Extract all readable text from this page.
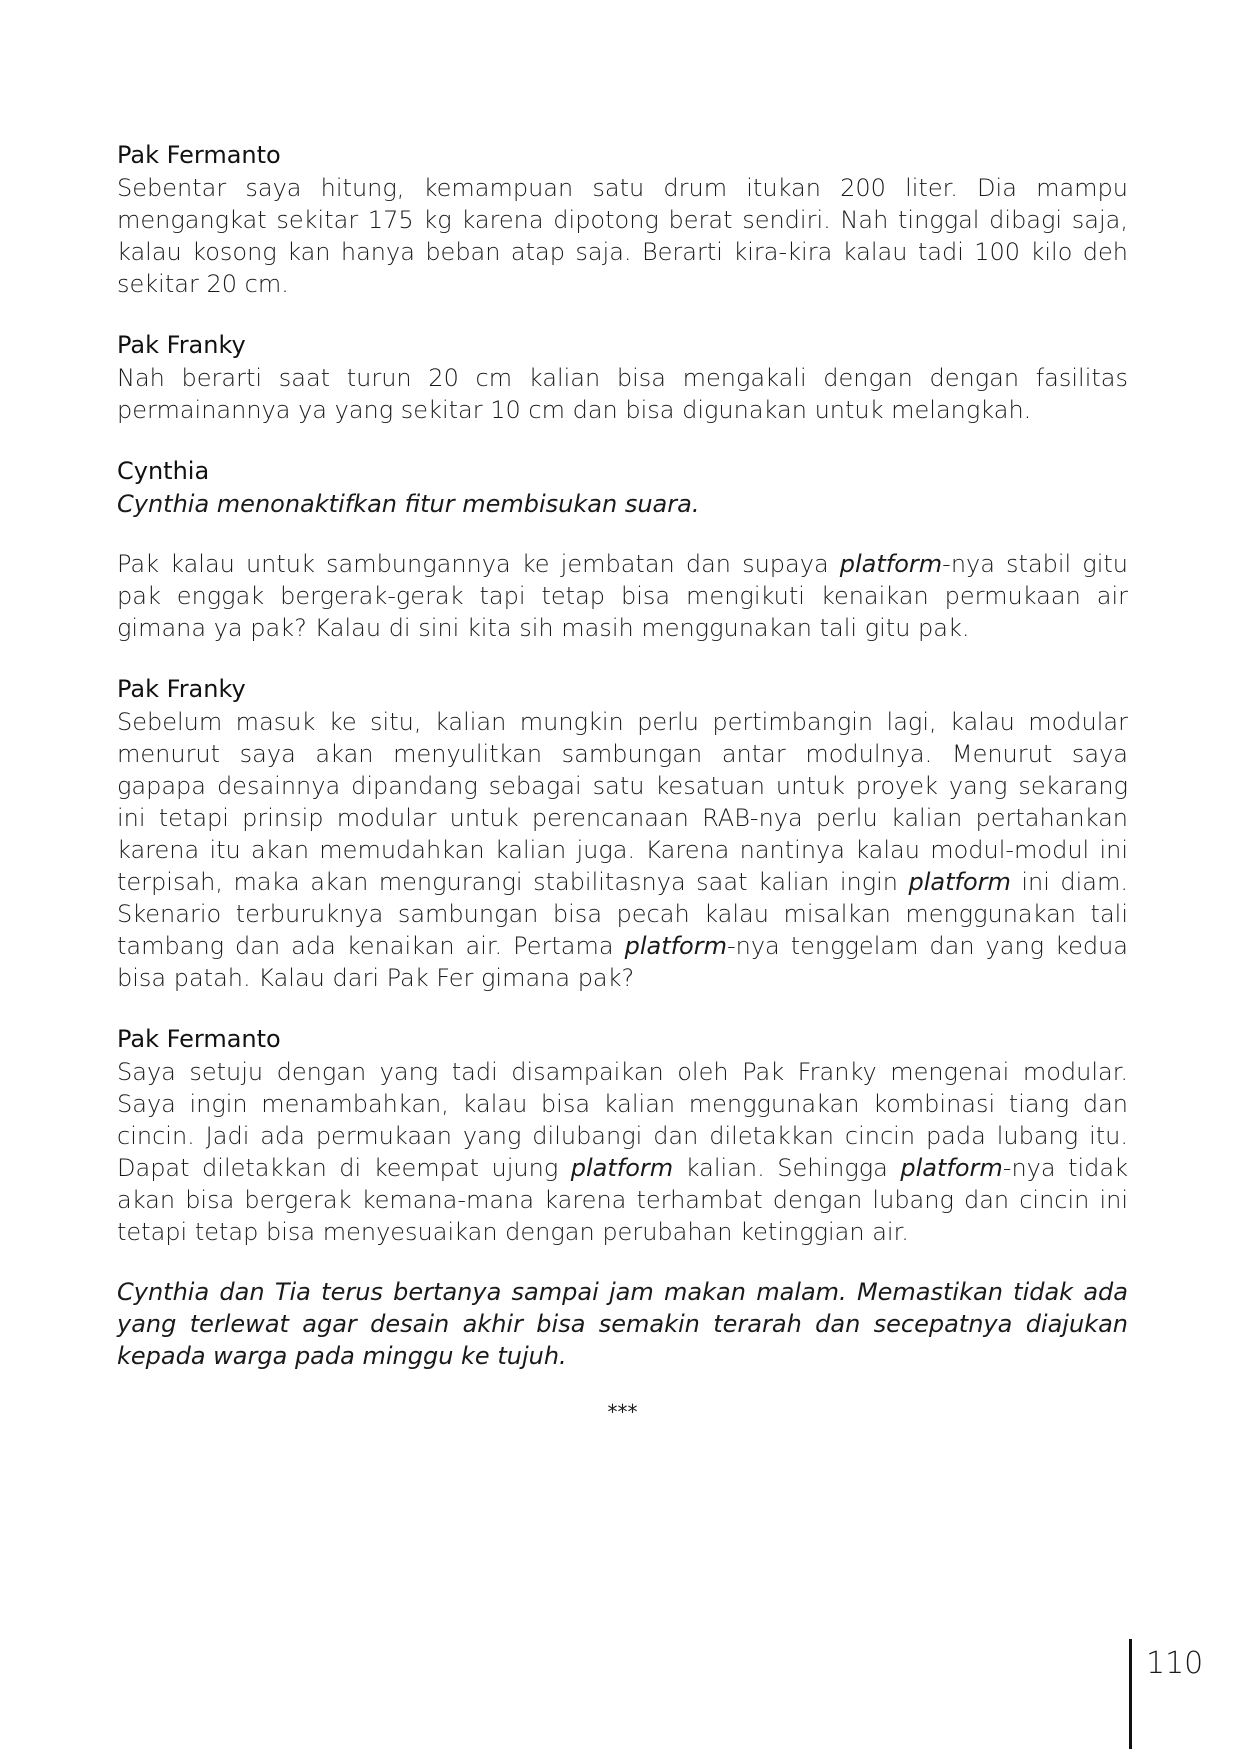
Pak Fermanto

Sebentar saya hitung, kemampuan satu drum itukan 200 liter. Dia mampu mengangkat sekitar 175 kg karena dipotong berat sendiri. Nah tinggal dibagi saja, kalau kosong kan hanya beban atap saja. Berarti kira-kira kalau tadi 100 kilo deh sekitar 20 cm.

Pak Franky

Nah berarti saat turun 20 cm kalian bisa mengakali dengan dengan fasilitas permainannya ya yang sekitar 10 cm dan bisa digunakan untuk melangkah.

Cynthia

Cynthia menonaktifkan fitur membisukan suara.

Pak kalau untuk sambungannya ke jembatan dan supaya platform-nya stabil gitu pak enggak bergerak-gerak tapi tetap bisa mengikuti kenaikan permukaan air gimana ya pak? Kalau di sini kita sih masih menggunakan tali gitu pak.

Pak Franky

Sebelum masuk ke situ, kalian mungkin perlu pertimbangin lagi, kalau modular menurut saya akan menyulitkan sambungan antar modulnya. Menurut saya gapapa desainnya dipandang sebagai satu kesatuan untuk proyek yang sekarang ini tetapi prinsip modular untuk perencanaan RAB-nya perlu kalian pertahankan karena itu akan memudahkan kalian juga. Karena nantinya kalau modul-modul ini terpisah, maka akan mengurangi stabilitasnya saat kalian ingin platform ini diam. Skenario terburuknya sambungan bisa pecah kalau misalkan menggunakan tali tambang dan ada kenaikan air. Pertama platform-nya tenggelam dan yang kedua bisa patah. Kalau dari Pak Fer gimana pak?

Pak Fermanto

Saya setuju dengan yang tadi disampaikan oleh Pak Franky mengenai modular. Saya ingin menambahkan, kalau bisa kalian menggunakan kombinasi tiang dan cincin. Jadi ada permukaan yang dilubangi dan diletakkan cincin pada lubang itu. Dapat diletakkan di keempat ujung platform kalian. Sehingga platform-nya tidak akan bisa bergerak kemana-mana karena terhambat dengan lubang dan cincin ini tetapi tetap bisa menyesuaikan dengan perubahan ketinggian air.

Cynthia dan Tia terus bertanya sampai jam makan malam. Memastikan tidak ada yang terlewat agar desain akhir bisa semakin terarah dan secepatnya diajukan kepada warga pada minggu ke tujuh.

***
110
